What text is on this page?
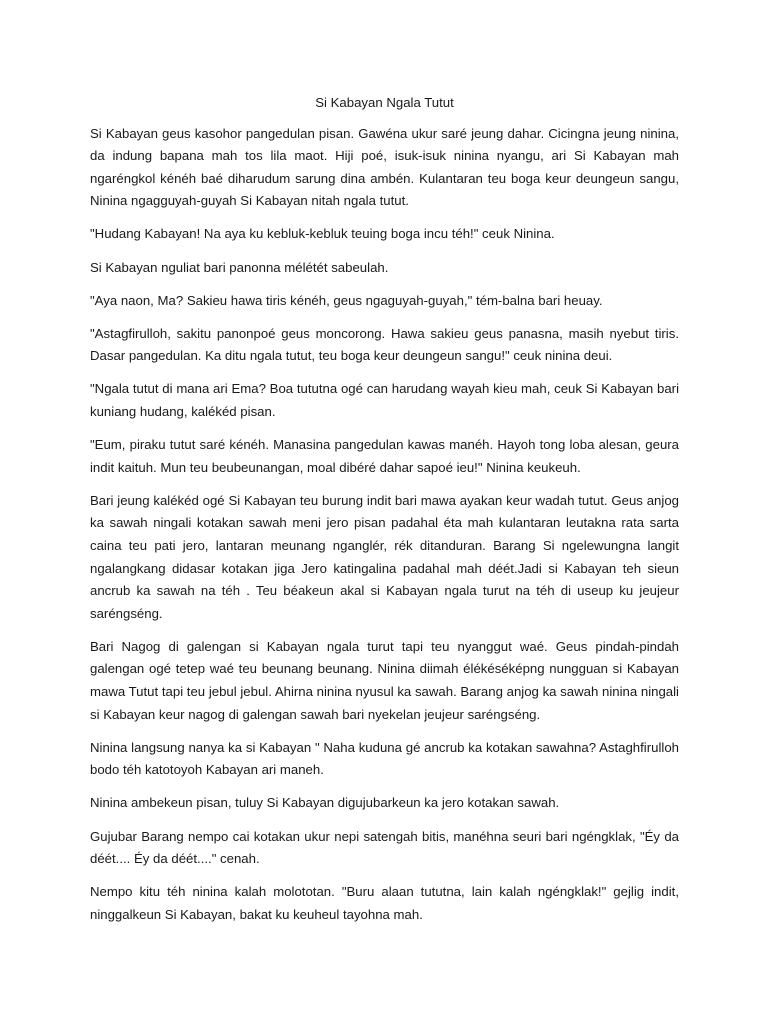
Si Kabayan Ngala Tutut

Si Kabayan geus kasohor pangedulan pisan. Gawéna ukur saré jeung dahar. Cicingna jeung ninina, da indung bapana mah tos lila maot. Hiji poé, isuk-isuk ninina nyangu, ari Si Kabayan mah ngaréngkol kénéh baé diharudum sarung dina ambén. Kulantaran teu boga keur deungeun sangu, Ninina ngagguyah-guyah Si Kabayan nitah ngala tutut.

"Hudang Kabayan! Na aya ku kebluk-kebluk teuing boga incu téh!" ceuk Ninina.

Si Kabayan nguliat bari panonna mélétét sabeulah.

"Aya naon, Ma? Sakieu hawa tiris kénéh, geus ngaguyah-guyah," tém-balna bari heuay.

"Astagfirulloh, sakitu panonpoé geus moncorong. Hawa sakieu geus panasna, masih nyebut tiris. Dasar pangedulan. Ka ditu ngala tutut, teu boga keur deungeun sangu!" ceuk ninina deui.

"Ngala tutut di mana ari Ema? Boa tututna ogé can harudang wayah kieu mah, ceuk Si Kabayan bari kuniang hudang, kalékéd pisan.

"Eum, piraku tutut saré kénéh. Manasina pangedulan kawas manéh. Hayoh tong loba alesan, geura indit kaituh. Mun teu beubeunangan, moal dibéré dahar sapoé ieu!" Ninina keukeuh.

Bari jeung kalékéd ogé Si Kabayan teu burung indit bari mawa ayakan keur wadah tutut. Geus anjog ka sawah ningali kotakan sawah meni jero pisan padahal éta mah kulantaran leutakna rata sarta caina teu pati jero, lantaran meunang nganglér, rék ditanduran. Barang Si ngelewungna langit ngalangkang didasar kotakan jiga Jero katingalina padahal mah déét.Jadi si Kabayan teh sieun ancrub ka sawah na téh . Teu béakeun akal si Kabayan ngala turut na téh di useup ku jeujeur saréngséng.

Bari Nagog di galengan si Kabayan ngala turut tapi teu nyanggut waé. Geus pindah-pindah galengan ogé tetep waé teu beunang beunang. Ninina diimah élékéséképng nungguan si Kabayan mawa Tutut tapi teu jebul jebul. Ahirna ninina nyusul ka sawah. Barang anjog ka sawah ninina ningali si Kabayan keur nagog di galengan sawah bari nyekelan jeujeur saréngséng.

Ninina langsung nanya ka si Kabayan " Naha kuduna gé ancrub ka kotakan sawahna? Astaghfirulloh bodo téh katotoyoh Kabayan ari maneh.

Ninina ambekeun pisan, tuluy Si Kabayan digujubarkeun ka jero kotakan sawah.

Gujubar Barang nempo cai kotakan ukur nepi satengah bitis, manéhna seuri bari ngéngklak, "Éy da déét.... Éy da déét...." cenah.

Nempo kitu téh ninina kalah molototan. "Buru alaan tututna, lain kalah ngéngklak!" gejlig indit, ninggalkeun Si Kabayan, bakat ku keuheul tayohna mah.
